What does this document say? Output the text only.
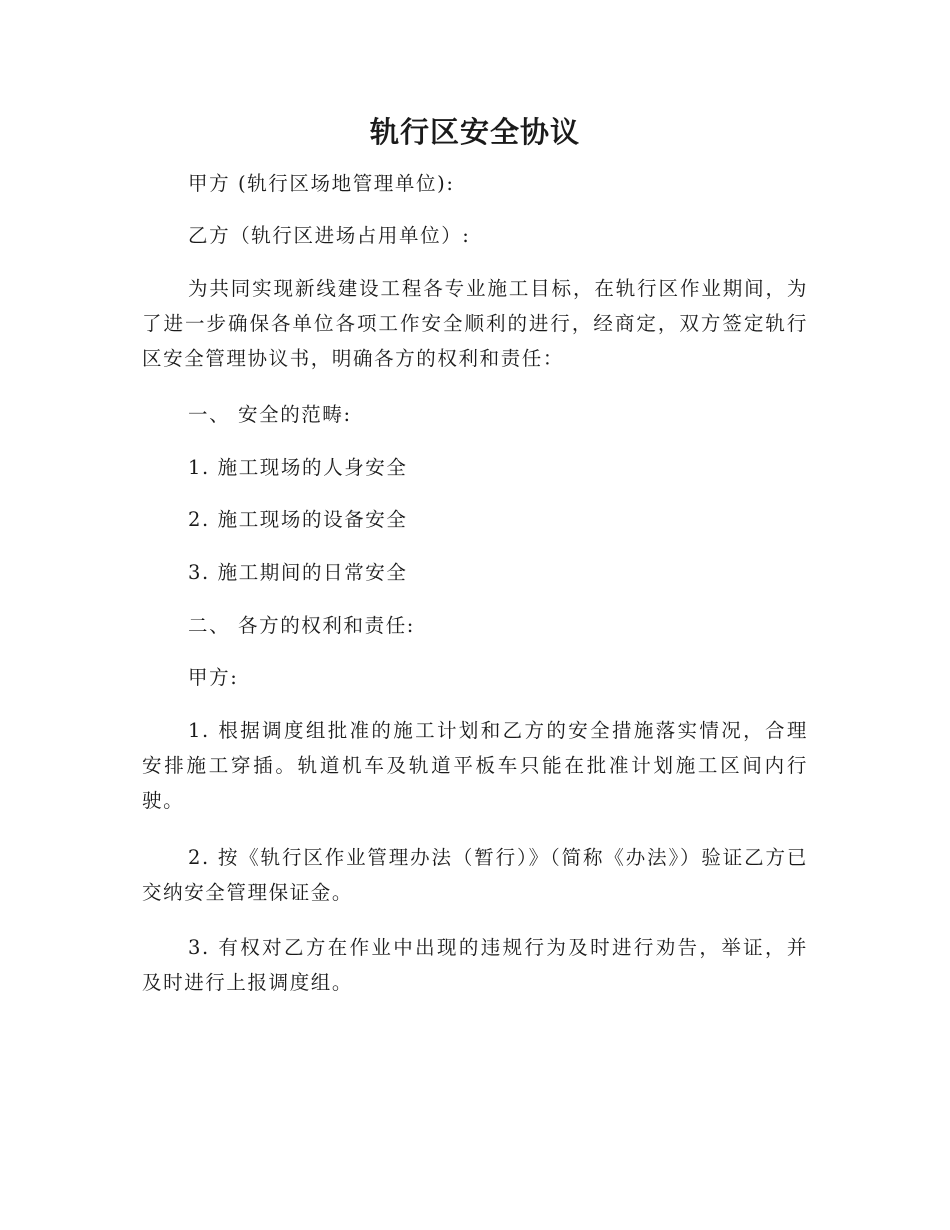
轨行区安全协议

甲方 (轨行区场地管理单位):

乙方（轨行区进场占用单位）:

为共同实现新线建设工程各专业施工目标，在轨行区作业期间，为了进一步确保各单位各项工作安全顺利的进行，经商定，双方签定轨行区安全管理协议书，明确各方的权利和责任：

一、 安全的范畴:

1. 施工现场的人身安全

2. 施工现场的设备安全

3. 施工期间的日常安全

二、 各方的权利和责任:

甲方:

1. 根据调度组批准的施工计划和乙方的安全措施落实情况，合理安排施工穿插。轨道机车及轨道平板车只能在批准计划施工区间内行驶。

2. 按《轨行区作业管理办法（暂行）》（简称《办法》）验证乙方已交纳安全管理保证金。

3. 有权对乙方在作业中出现的违规行为及时进行劝告，举证，并及时进行上报调度组。
